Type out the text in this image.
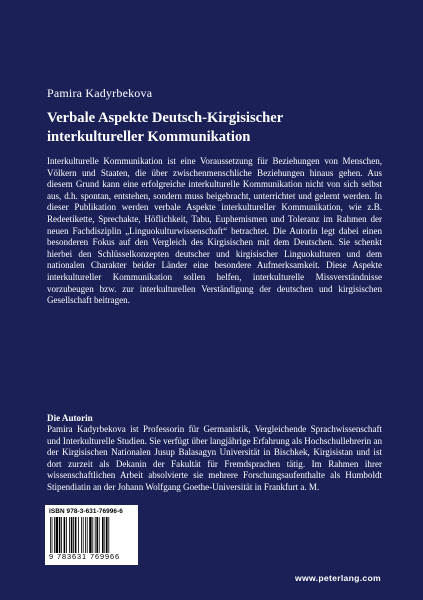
Pamira Kadyrbekova
Verbale Aspekte Deutsch-Kirgisischer
interkultureller Kommunikation
Interkulturelle Kommunikation ist eine Voraussetzung für Beziehungen von Menschen, Völkern und Staaten, die über zwischenmenschliche Beziehungen hinaus gehen. Aus diesem Grund kann eine erfolgreiche interkulturelle Kommunikation nicht von sich selbst aus, d.h. spontan, entstehen, sondern muss beigebracht, unterrichtet und gelernt werden. In dieser Publikation werden verbale Aspekte interkultureller Kommunikation, wie z.B. Redeetikette, Sprechakte, Höflichkeit, Tabu, Euphemismen und Toleranz im Rahmen der neuen Fachdisziplin „Linguokulturwissenschaft“ betrachtet. Die Autorin legt dabei einen besonderen Fokus auf den Vergleich des Kirgisischen mit dem Deutschen. Sie schenkt hierbei den Schlüsselkonzepten deutscher und kirgisischer Linguokulturen und dem nationalen Charakter beider Länder eine besondere Aufmerksamkeit. Diese Aspekte interkultureller Kommunikation sollen helfen, interkulturelle Missverständnisse vorzubeugen bzw. zur interkulturellen Verständigung der deutschen und kirgisischen Gesellschaft beitragen.
Die Autorin
Pamira Kadyrbekova ist Professorin für Germanistik, Vergleichende Sprachwissenschaft und Interkulturelle Studien. Sie verfügt über langjährige Erfahrung als Hochschullehrerin an der Kirgisischen Nationalen Jusup Balasagyn Universität in Bischkek, Kirgisistan und ist dort zurzeit als Dekanin der Fakultät für Fremdsprachen tätig. Im Rahmen ihrer wissenschaftlichen Arbeit absolvierte sie mehrere Forschungsaufenthalte als Humboldt Stipendiatin an der Johann Wolfgang Goethe-Universität in Frankfurt a. M.
ISBN 978-3-631-76996-6
9 783631 769966
www.peterlang.com
